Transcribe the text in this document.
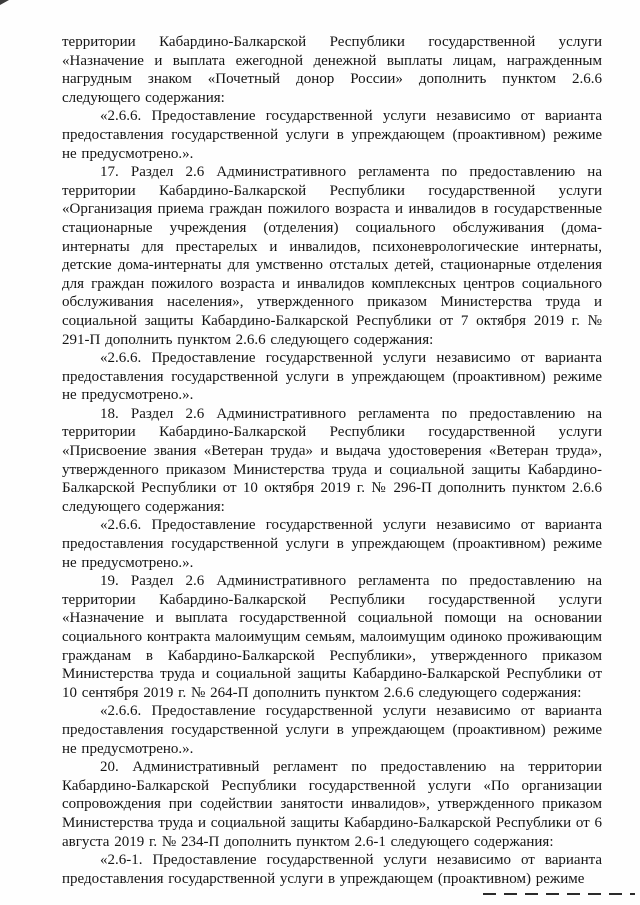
территории Кабардино-Балкарской Республики государственной услуги «Назначение и выплата ежегодной денежной выплаты лицам, награжденным нагрудным знаком «Почетный донор России» дополнить пунктом 2.6.6 следующего содержания:

«2.6.6. Предоставление государственной услуги независимо от варианта предоставления государственной услуги в упреждающем (проактивном) режиме не предусмотрено.».

17. Раздел 2.6 Административного регламента по предоставлению на территории Кабардино-Балкарской Республики государственной услуги «Организация приема граждан пожилого возраста и инвалидов в государственные стационарные учреждения (отделения) социального обслуживания (дома-интернаты для престарелых и инвалидов, психоневрологические интернаты, детские дома-интернаты для умственно отсталых детей, стационарные отделения для граждан пожилого возраста и инвалидов комплексных центров социального обслуживания населения», утвержденного приказом Министерства труда и социальной защиты Кабардино-Балкарской Республики от 7 октября 2019 г. № 291-П дополнить пунктом 2.6.6 следующего содержания:

«2.6.6. Предоставление государственной услуги независимо от варианта предоставления государственной услуги в упреждающем (проактивном) режиме не предусмотрено.».

18. Раздел 2.6 Административного регламента по предоставлению на территории Кабардино-Балкарской Республики государственной услуги «Присвоение звания «Ветеран труда» и выдача удостоверения «Ветеран труда», утвержденного приказом Министерства труда и социальной защиты Кабардино-Балкарской Республики от 10 октября 2019 г. № 296-П дополнить пунктом 2.6.6 следующего содержания:

«2.6.6. Предоставление государственной услуги независимо от варианта предоставления государственной услуги в упреждающем (проактивном) режиме не предусмотрено.».

19. Раздел 2.6 Административного регламента по предоставлению на территории Кабардино-Балкарской Республики государственной услуги «Назначение и выплата государственной социальной помощи на основании социального контракта малоимущим семьям, малоимущим одиноко проживающим гражданам в Кабардино-Балкарской Республики», утвержденного приказом Министерства труда и социальной защиты Кабардино-Балкарской Республики от 10 сентября 2019 г. № 264-П дополнить пунктом 2.6.6 следующего содержания:

«2.6.6. Предоставление государственной услуги независимо от варианта предоставления государственной услуги в упреждающем (проактивном) режиме не предусмотрено.».

20. Административный регламент по предоставлению на территории Кабардино-Балкарской Республики государственной услуги «По организации сопровождения при содействии занятости инвалидов», утвержденного приказом Министерства труда и социальной защиты Кабардино-Балкарской Республики от 6 августа 2019 г. № 234-П дополнить пунктом 2.6-1 следующего содержания:

«2.6-1. Предоставление государственной услуги независимо от варианта предоставления государственной услуги в упреждающем (проактивном) режиме
